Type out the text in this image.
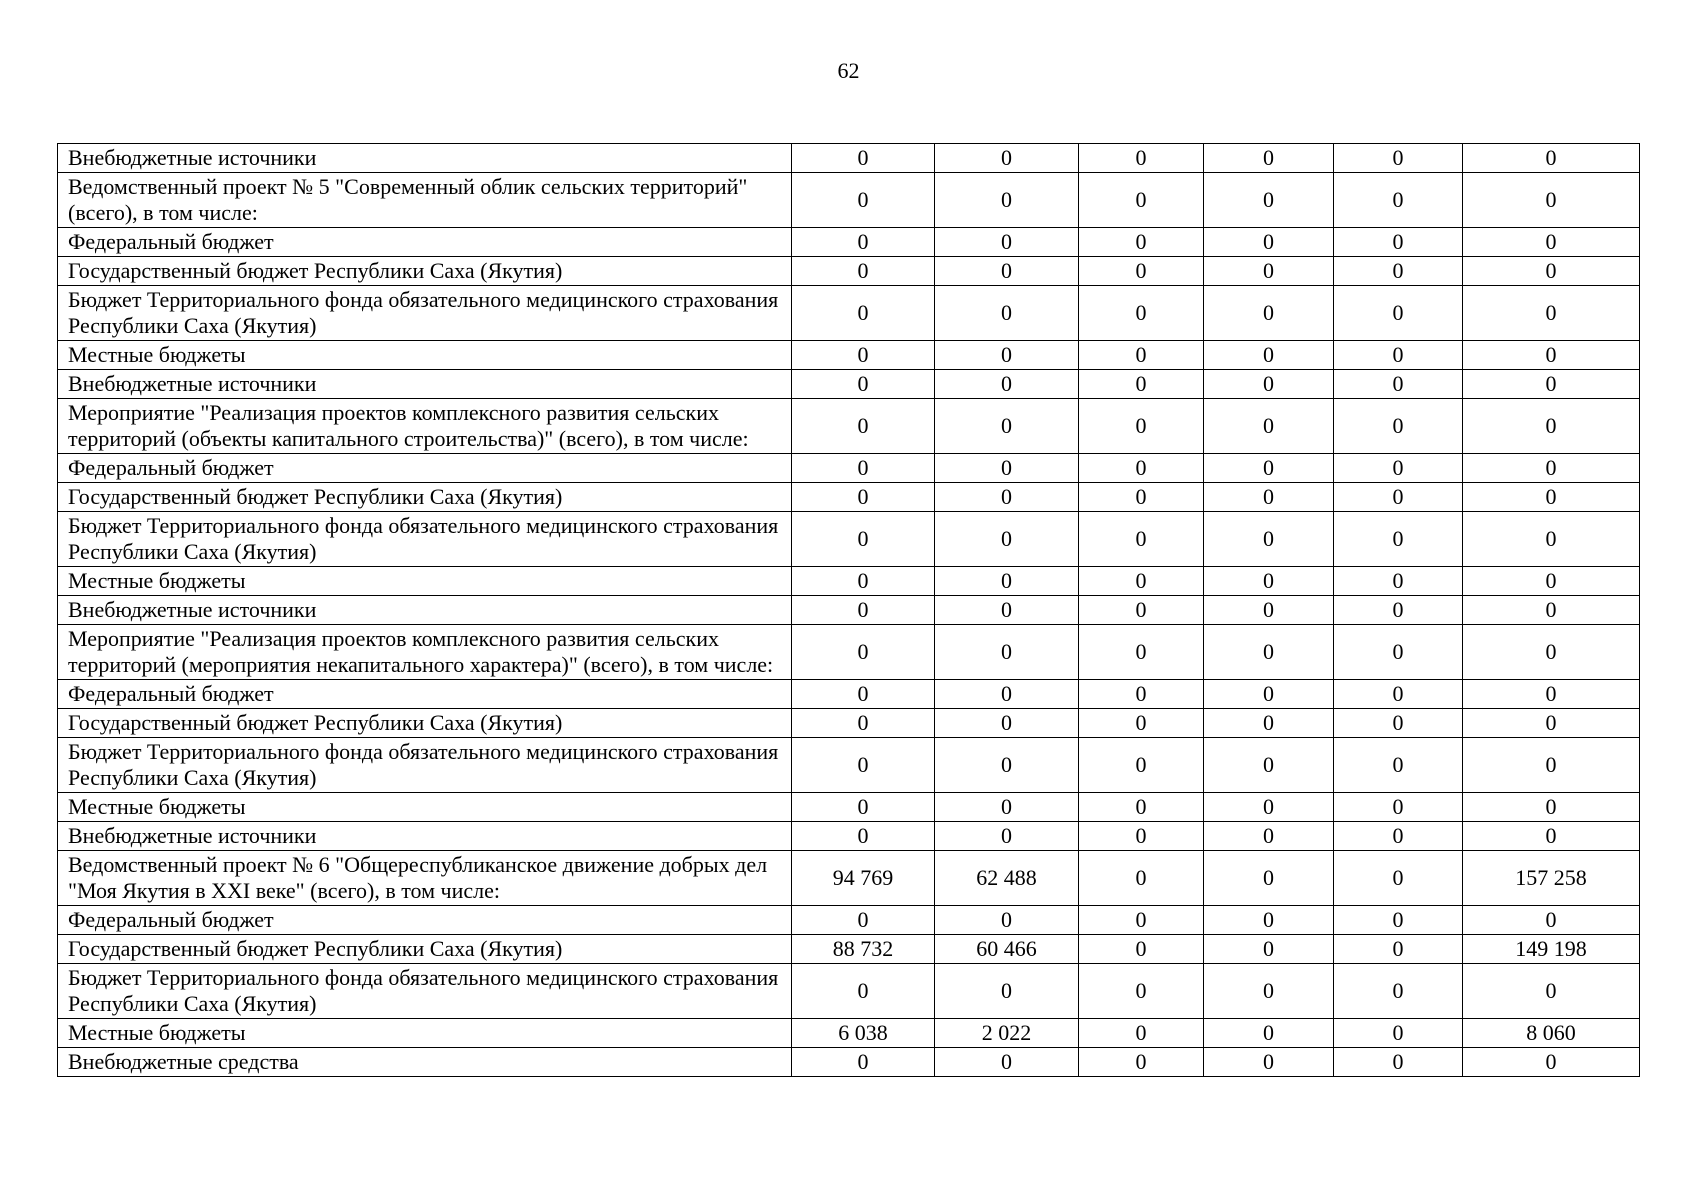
62
Внебюджетные источники	0	0	0	0	0	0
Ведомственный проект № 5 "Современный облик сельских территорий" (всего), в том числе:	0	0	0	0	0	0
Федеральный бюджет	0	0	0	0	0	0
Государственный бюджет Республики Саха (Якутия)	0	0	0	0	0	0
Бюджет Территориального фонда обязательного медицинского страхования Республики Саха (Якутия)	0	0	0	0	0	0
Местные бюджеты	0	0	0	0	0	0
Внебюджетные источники	0	0	0	0	0	0
Мероприятие "Реализация проектов комплексного развития сельских территорий (объекты капитального строительства)" (всего), в том числе:	0	0	0	0	0	0
Федеральный бюджет	0	0	0	0	0	0
Государственный бюджет Республики Саха (Якутия)	0	0	0	0	0	0
Бюджет Территориального фонда обязательного медицинского страхования Республики Саха (Якутия)	0	0	0	0	0	0
Местные бюджеты	0	0	0	0	0	0
Внебюджетные источники	0	0	0	0	0	0
Мероприятие "Реализация проектов комплексного развития сельских территорий (мероприятия некапитального характера)" (всего), в том числе:	0	0	0	0	0	0
Федеральный бюджет	0	0	0	0	0	0
Государственный бюджет Республики Саха (Якутия)	0	0	0	0	0	0
Бюджет Территориального фонда обязательного медицинского страхования Республики Саха (Якутия)	0	0	0	0	0	0
Местные бюджеты	0	0	0	0	0	0
Внебюджетные источники	0	0	0	0	0	0
Ведомственный проект № 6 "Общереспубликанское движение добрых дел "Моя Якутия в XXI веке" (всего), в том числе:	94 769	62 488	0	0	0	157 258
Федеральный бюджет	0	0	0	0	0	0
Государственный бюджет Республики Саха (Якутия)	88 732	60 466	0	0	0	149 198
Бюджет Территориального фонда обязательного медицинского страхования Республики Саха (Якутия)	0	0	0	0	0	0
Местные бюджеты	6 038	2 022	0	0	0	8 060
Внебюджетные средства	0	0	0	0	0	0
